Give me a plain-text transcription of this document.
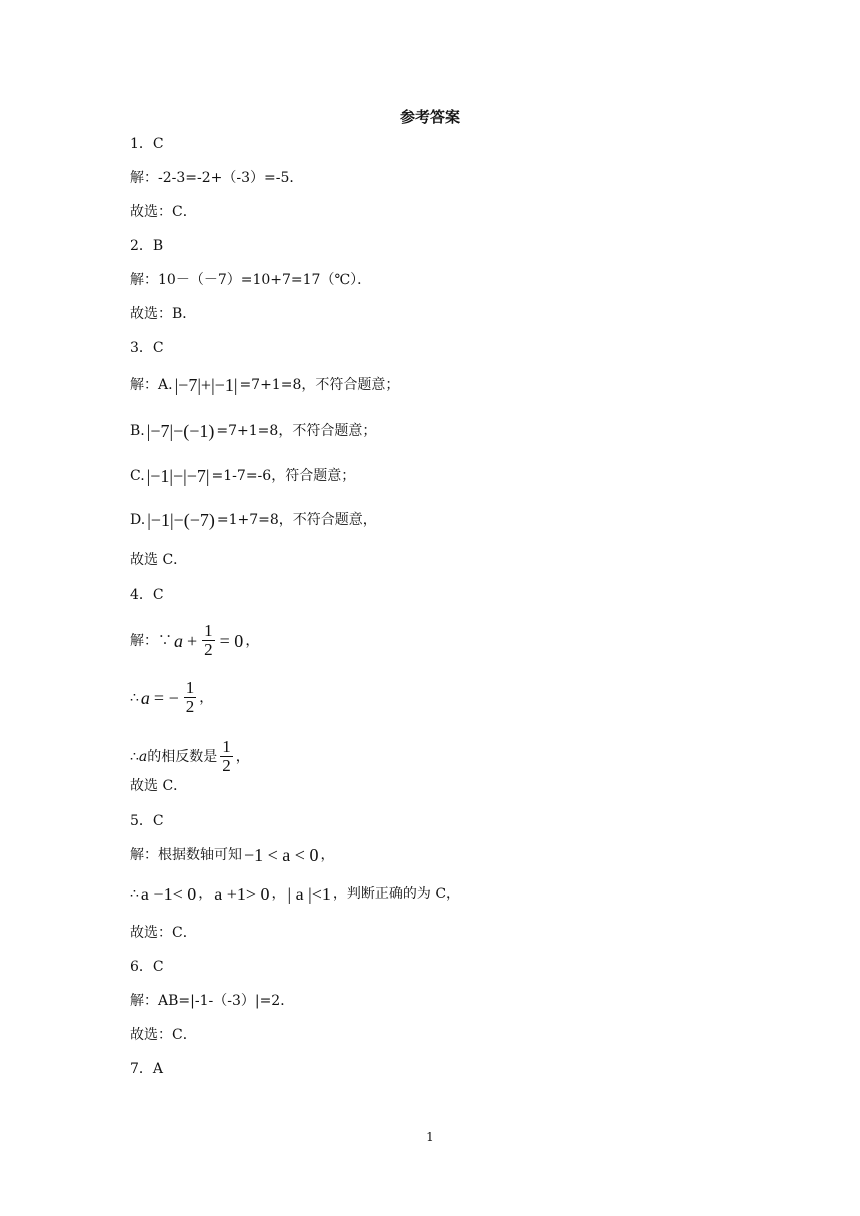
参考答案
1．C
解：-2-3=-2+（-3）=-5．
故选：C．
2．B
解：10－（－7）=10+7=17（℃）．
故选：B．
3．C
解：A. |−7|+|−1| =7+1=8，不符合题意；
B. |−7|−(−1) =7+1=8，不符合题意；
C. |−1|−|−7| =1-7=-6，符合题意；
D. |−1|−(−7) =1+7=8，不符合题意，
故选 C．
4．C
解：∵ $a + \frac{1}{2} = 0$ ，
∴ a = − $\frac{1}{2}$ ，
∴ a 的相反数是 $\frac{1}{2}$ ，
故选 C．
5．C
解：根据数轴可知 −1 < a < 0 ，
∴ a −1< 0 ， a +1> 0 ， | a |<1 ，判断正确的为 C，
故选：C．
6．C
解：AB=|-1-（-3）|=2．
故选：C．
7．A
1
